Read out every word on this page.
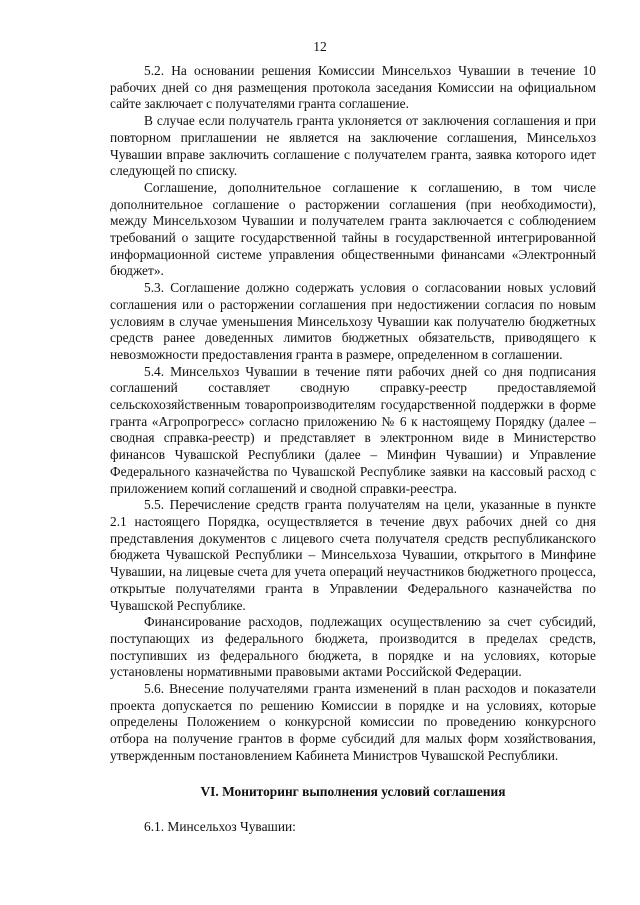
12

5.2. На основании решения Комиссии Минсельхоз Чувашии в течение 10 рабочих дней со дня размещения протокола заседания Комиссии на официальном сайте заключает с получателями гранта соглашение.

В случае если получатель гранта уклоняется от заключения соглашения и при повторном приглашении не является на заключение соглашения, Минсельхоз Чувашии вправе заключить соглашение с получателем гранта, заявка которого идет следующей по списку.

Соглашение, дополнительное соглашение к соглашению, в том числе дополнительное соглашение о расторжении соглашения (при необходимости), между Минсельхозом Чувашии и получателем гранта заключается с соблюдением требований о защите государственной тайны в государственной интегрированной информационной системе управления общественными финансами «Электронный бюджет».

5.3. Соглашение должно содержать условия о согласовании новых условий соглашения или о расторжении соглашения при недостижении согласия по новым условиям в случае уменьшения Минсельхозу Чувашии как получателю бюджетных средств ранее доведенных лимитов бюджетных обязательств, приводящего к невозможности предоставления гранта в размере, определенном в соглашении.

5.4. Минсельхоз Чувашии в течение пяти рабочих дней со дня подписания соглашений составляет сводную справку-реестр предоставляемой сельскохозяйственным товаропроизводителям государственной поддержки в форме гранта «Агропрогресс» согласно приложению № 6 к настоящему Порядку (далее – сводная справка-реестр) и представляет в электронном виде в Министерство финансов Чувашской Республики (далее – Минфин Чувашии) и Управление Федерального казначейства по Чувашской Республике заявки на кассовый расход с приложением копий соглашений и сводной справки-реестра.

5.5. Перечисление средств гранта получателям на цели, указанные в пункте 2.1 настоящего Порядка, осуществляется в течение двух рабочих дней со дня представления документов с лицевого счета получателя средств республиканского бюджета Чувашской Республики – Минсельхоза Чувашии, открытого в Минфине Чувашии, на лицевые счета для учета операций неучастников бюджетного процесса, открытые получателями гранта в Управлении Федерального казначейства по Чувашской Республике.

Финансирование расходов, подлежащих осуществлению за счет субсидий, поступающих из федерального бюджета, производится в пределах средств, поступивших из федерального бюджета, в порядке и на условиях, которые установлены нормативными правовыми актами Российской Федерации.

5.6. Внесение получателями гранта изменений в план расходов и показатели проекта допускается по решению Комиссии в порядке и на условиях, которые определены Положением о конкурсной комиссии по проведению конкурсного отбора на получение грантов в форме субсидий для малых форм хозяйствования, утвержденным постановлением Кабинета Министров Чувашской Республики.

VI. Мониторинг выполнения условий соглашения

6.1. Минсельхоз Чувашии:
